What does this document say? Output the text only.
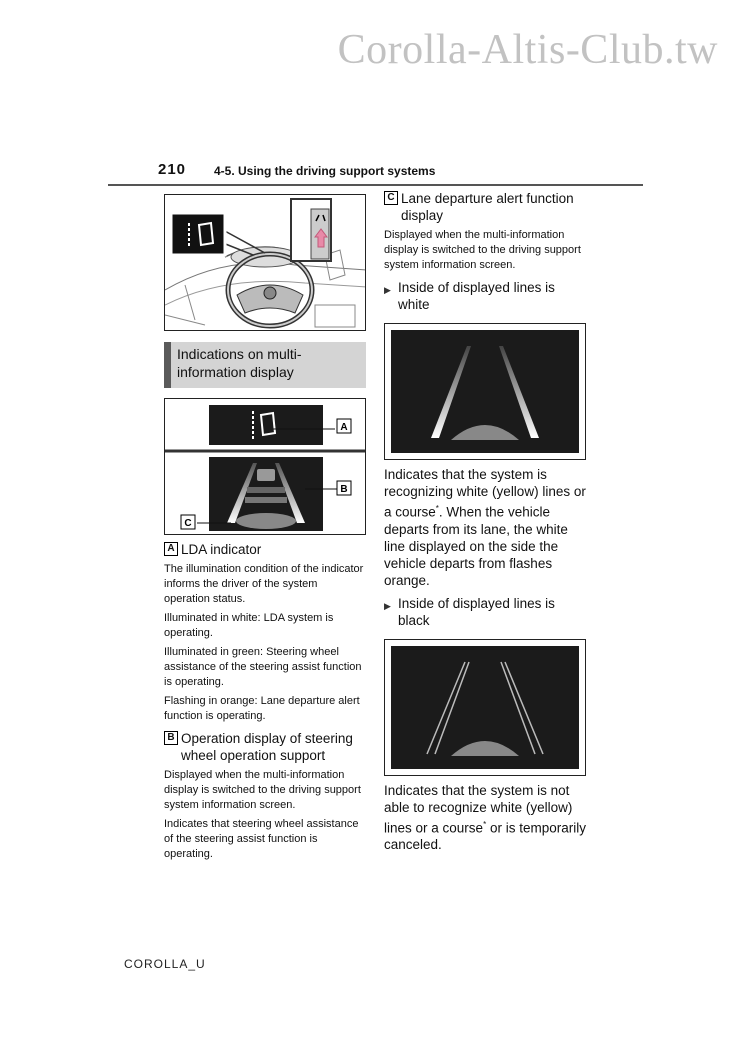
Corolla-Altis-Club.tw
210 4-5. Using the driving support systems
Indications on multi-information display
A
B
C
A LDA indicator

The illumination condition of the indicator informs the driver of the system operation status.

Illuminated in white: LDA system is operating.

Illuminated in green: Steering wheel assistance of the steering assist function is operating.

Flashing in orange: Lane departure alert function is operating.

B Operation display of steering wheel operation support

Displayed when the multi-information display is switched to the driving support system information screen.

Indicates that steering wheel assistance of the steering assist function is operating.

C Lane departure alert function display

Displayed when the multi-information display is switched to the driving support system information screen.

▶ Inside of displayed lines is white

Indicates that the system is recognizing white (yellow) lines or a course*. When the vehicle departs from its lane, the white line displayed on the side the vehicle departs from flashes orange.

▶ Inside of displayed lines is black

Indicates that the system is not able to recognize white (yellow) lines or a course* or is temporarily canceled.

COROLLA_U
